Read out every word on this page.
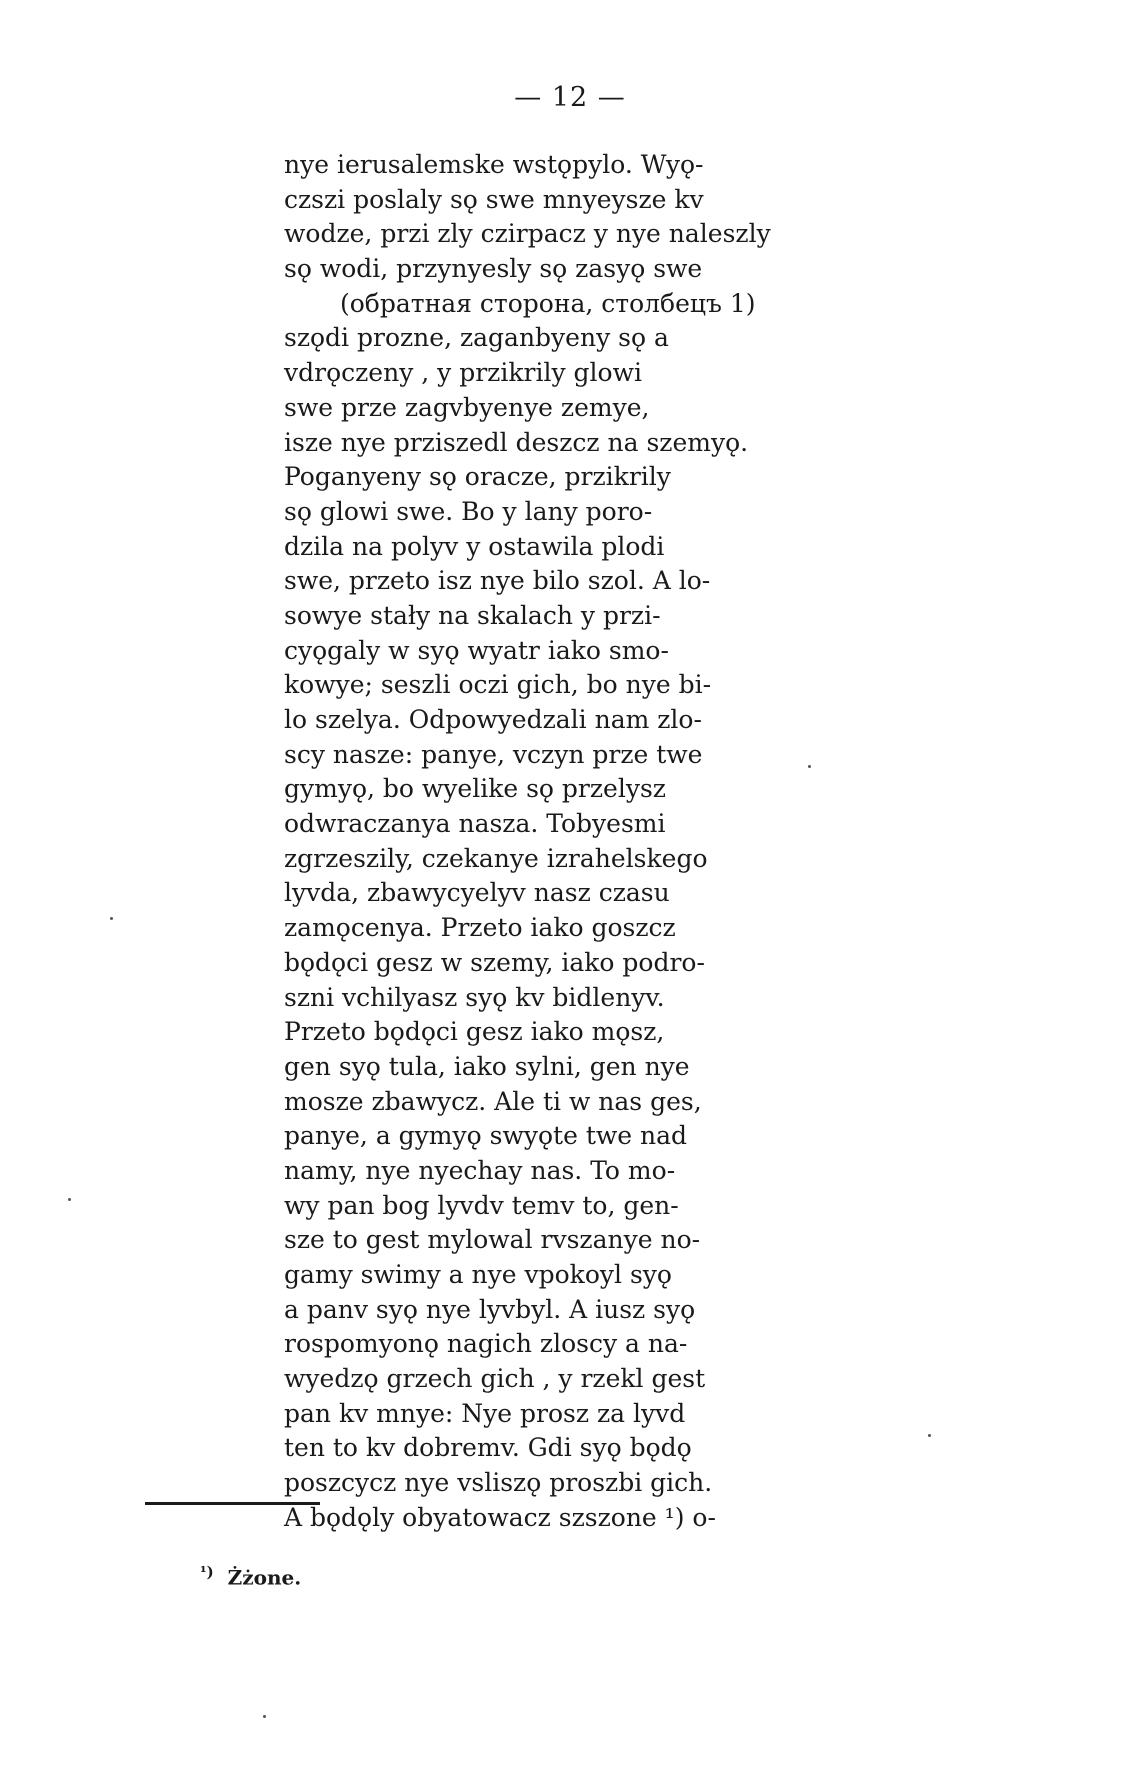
— 12 —
nye ierusalemske wstǫpylo. Wyǫ-
czszi poslaly sǫ swe mnyeysze kv
wodze, przi zly czirpacz y nye naleszly
sǫ wodi, przynyesly sǫ zasyǫ swe
(обратная сторона, столбецъ 1)
szǫdi prozne, zaganbyeny sǫ a
vdrǫczeny , y przikrily glowi
swe prze zagvbyenye zemye,
isze nye prziszedl deszcz na szemyǫ.
Poganyeny sǫ oracze, przikrily
sǫ glowi swe. Bo y lany poro-
dzila na polyv y ostawila plodi
swe, przeto isz nye bilo szol. A lo-
sowye stały na skalach y przi-
cyǫgaly w syǫ wyatr iako smo-
kowye; seszli oczi gich, bo nye bi-
lo szelya. Odpowyedzali nam zlo-
scy nasze: panye, vczyn prze twe
gymyǫ, bo wyelike sǫ przelysz
odwraczanya nasza. Tobyesmi
zgrzeszily, czekanye izrahelskego
lyvda, zbawycyelyv nasz czasu
zamǫcenya. Przeto iako goszcz
bǫdǫci gesz w szemy, iako podro-
szni vchilyasz syǫ kv bidlenyv.
Przeto bǫdǫci gesz iako mǫsz,
gen syǫ tula, iako sylni, gen nye
mosze zbawycz. Ale ti w nas ges,
panye, a gymyǫ swyǫte twe nad
namy, nye nyechay nas. To mo-
wy pan bog lyvdv temv to, gen-
sze to gest mylowal rvszanye no-
gamy swimy a nye vpokoyl syǫ
a panv syǫ nye lyvbyl. A iusz syǫ
rospomyonǫ nagich zloscy a na-
wyedzǫ grzech gich , y rzekl gest
pan kv mnye: Nye prosz za lyvd
ten to kv dobremv. Gdi syǫ bǫdǫ
poszcycz nye vsliszǫ proszbi gich.
A bǫdǫly obyatowacz szszone ¹) o-
$^{^1)}$ Żżone.
